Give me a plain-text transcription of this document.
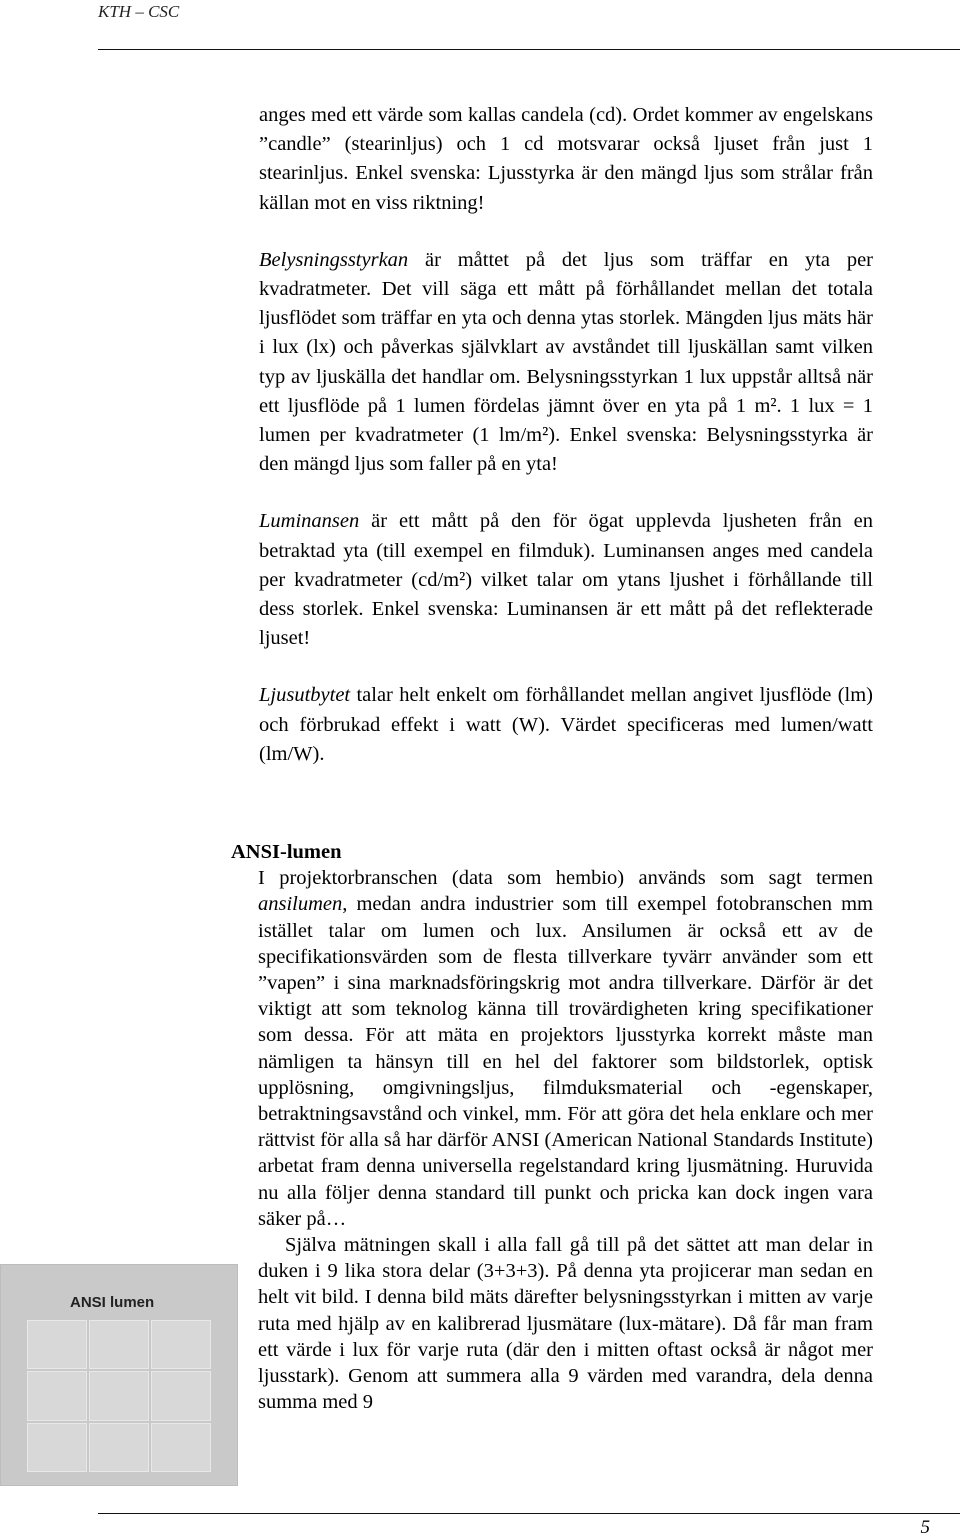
KTH – CSC

anges med ett värde som kallas candela (cd). Ordet kommer av engelskans ”candle” (stearinljus) och 1 cd motsvarar också ljuset från just 1 stearinljus. Enkel svenska: Ljusstyrka är den mängd ljus som strålar från källan mot en viss riktning!

Belysningsstyrkan är måttet på det ljus som träffar en yta per kvadratmeter. Det vill säga ett mått på förhållandet mellan det totala ljusflödet som träffar en yta och denna ytas storlek. Mängden ljus mäts här i lux (lx) och påverkas självklart av avståndet till ljuskällan samt vilken typ av ljuskälla det handlar om. Belysningsstyrkan 1 lux uppstår alltså när ett ljusflöde på 1 lumen fördelas jämnt över en yta på 1 m². 1 lux = 1 lumen per kvadratmeter (1 lm/m²). Enkel svenska: Belysningsstyrka är den mängd ljus som faller på en yta!

Luminansen är ett mått på den för ögat upplevda ljusheten från en betraktad yta (till exempel en filmduk). Luminansen anges med candela per kvadratmeter (cd/m²) vilket talar om ytans ljushet i förhållande till dess storlek. Enkel svenska: Luminansen är ett mått på det reflekterade ljuset!

Ljusutbytet talar helt enkelt om förhållandet mellan angivet ljusflöde (lm) och förbrukad effekt i watt (W). Värdet specificeras med lumen/watt (lm/W).

ANSI-lumen

I projektorbranschen (data som hembio) används som sagt termen ansilumen, medan andra industrier som till exempel fotobranschen mm istället talar om lumen och lux. Ansilumen är också ett av de specifikationsvärden som de flesta tillverkare tyvärr använder som ett ”vapen” i sina marknadsföringskrig mot andra tillverkare. Därför är det viktigt att som teknolog känna till trovärdigheten kring specifikationer som dessa. För att mäta en projektors ljusstyrka korrekt måste man nämligen ta hänsyn till en hel del faktorer som bildstorlek, optisk upplösning, omgivningsljus, filmduksmaterial och -egenskaper, betraktningsavstånd och vinkel, mm. För att göra det hela enklare och mer rättvist för alla så har därför ANSI (American National Standards Institute) arbetat fram denna universella regelstandard kring ljusmätning. Huruvida nu alla följer denna standard till punkt och pricka kan dock ingen vara säker på…

Själva mätningen skall i alla fall gå till på det sättet att man delar in duken i 9 lika stora delar (3+3+3). På denna yta projicerar man sedan en helt vit bild. I denna bild mäts därefter belysningsstyrkan i mitten av varje ruta med hjälp av en kalibrerad ljusmätare (lux-mätare). Då får man fram ett värde i lux för varje ruta (där den i mitten oftast också är något mer ljusstark). Genom att summera alla 9 värden med varandra, dela denna summa med 9

ANSI lumen
5
